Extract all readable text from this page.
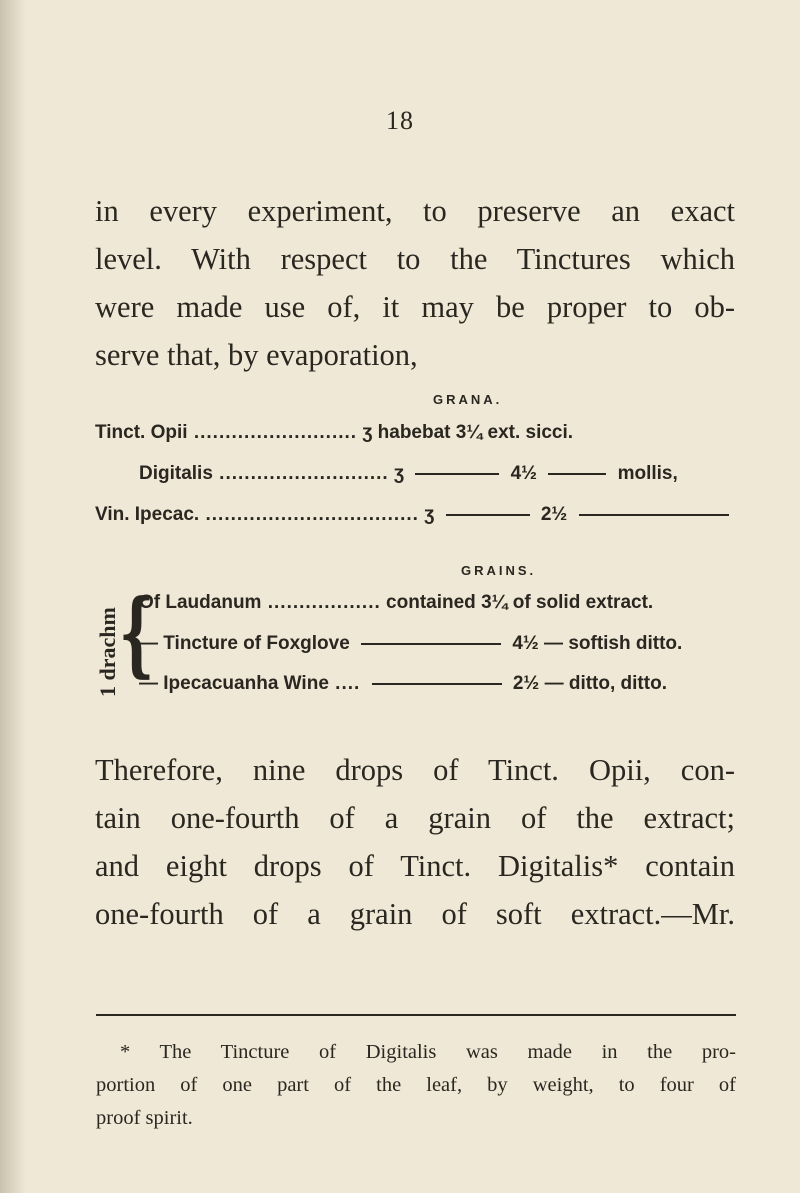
18
in every experiment, to preserve an exact
level. With respect to the Tinctures which
were made use of, it may be proper to ob-
serve that, by evaporation,
GRANA.
Tinct. Opii .......................... ʒ habebat 3¼ ext. sicci.
Digitalis ........................... ʒ	4½	mollis,
Vin. Ipecac. .................................. ʒ	2½
GRAINS.
1 drachm
{
Of Laudanum .................. contained 3¼ of solid extract.
— Tincture of Foxglove	4½ — softish ditto.
— Ipecacuanha Wine ....	2½ — ditto, ditto.
Therefore, nine drops of Tinct. Opii, con-
tain one-fourth of a grain of the extract;
and eight drops of Tinct. Digitalis* contain
one-fourth of a grain of soft extract.—Mr.
* The Tincture of Digitalis was made in the pro-
portion of one part of the leaf, by weight, to four of
proof spirit.
